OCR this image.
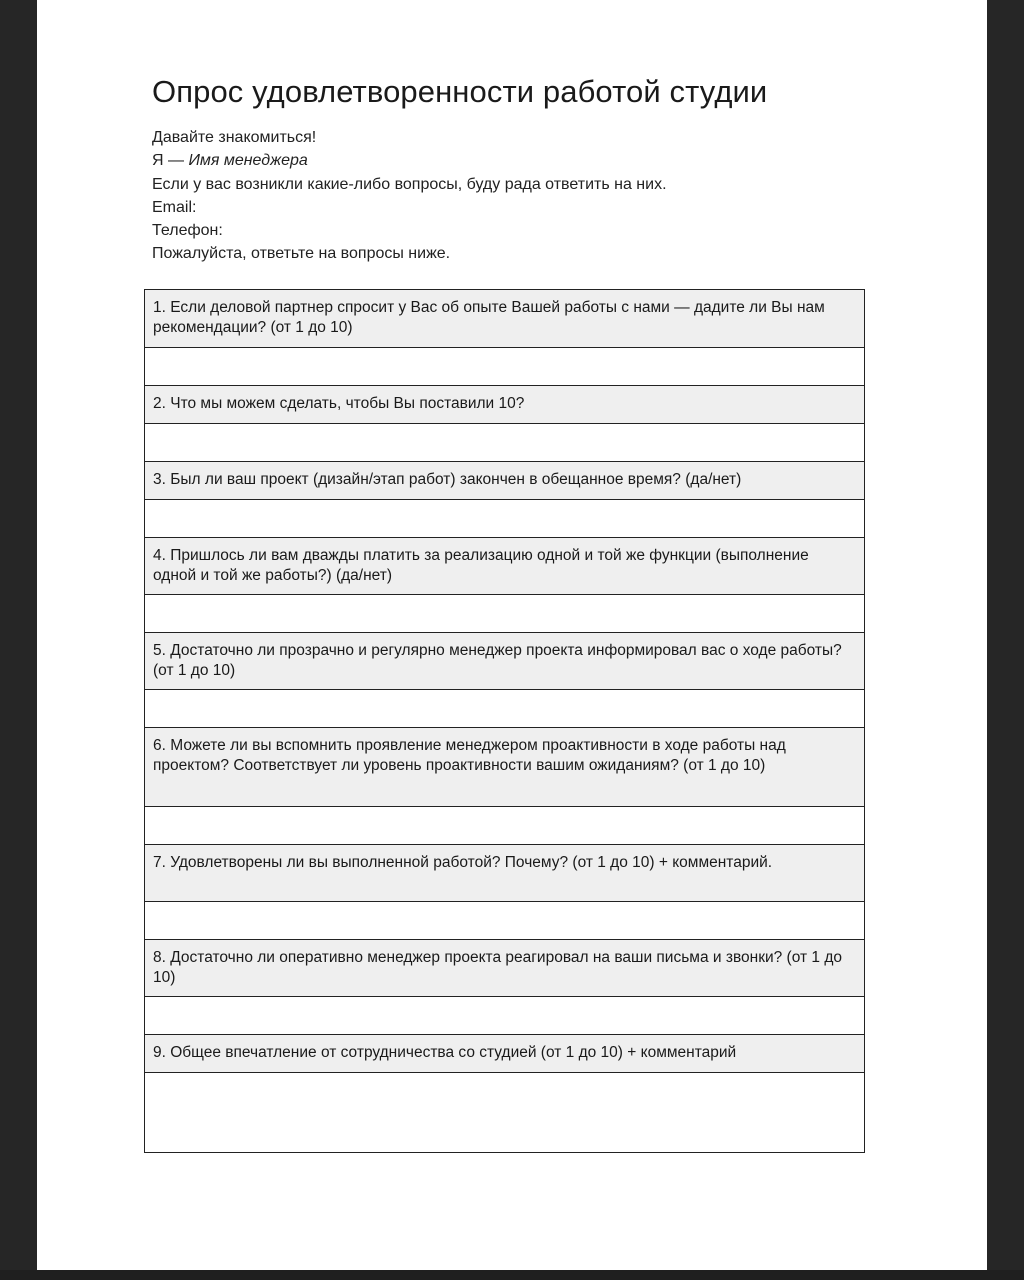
Опрос удовлетворенности работой студии
Давайте знакомиться!
Я — Имя менеджера
Если у вас возникли какие-либо вопросы, буду рада ответить на них.
Email:
Телефон:
Пожалуйста, ответьте на вопросы ниже.
1. Если деловой партнер спросит у Вас об опыте Вашей работы с нами — дадите ли Вы нам рекомендации? (от 1 до 10)
2. Что мы можем сделать, чтобы Вы поставили 10?
3. Был ли ваш проект (дизайн/этап работ) закончен в обещанное время? (да/нет)
4. Пришлось ли вам дважды платить за реализацию одной и той же функции (выполнение одной и той же работы?) (да/нет)
5. Достаточно ли прозрачно и регулярно менеджер проекта информировал вас о ходе работы? (от 1 до 10)
6. Можете ли вы вспомнить проявление менеджером проактивности в ходе работы над проектом? Соответствует ли уровень проактивности вашим ожиданиям? (от 1 до 10)
7. Удовлетворены ли вы выполненной работой? Почему? (от 1 до 10) + комментарий.
8. Достаточно ли оперативно менеджер проекта реагировал на ваши письма и звонки? (от 1 до 10)
9. Общее впечатление от сотрудничества со студией (от 1 до 10) + комментарий
